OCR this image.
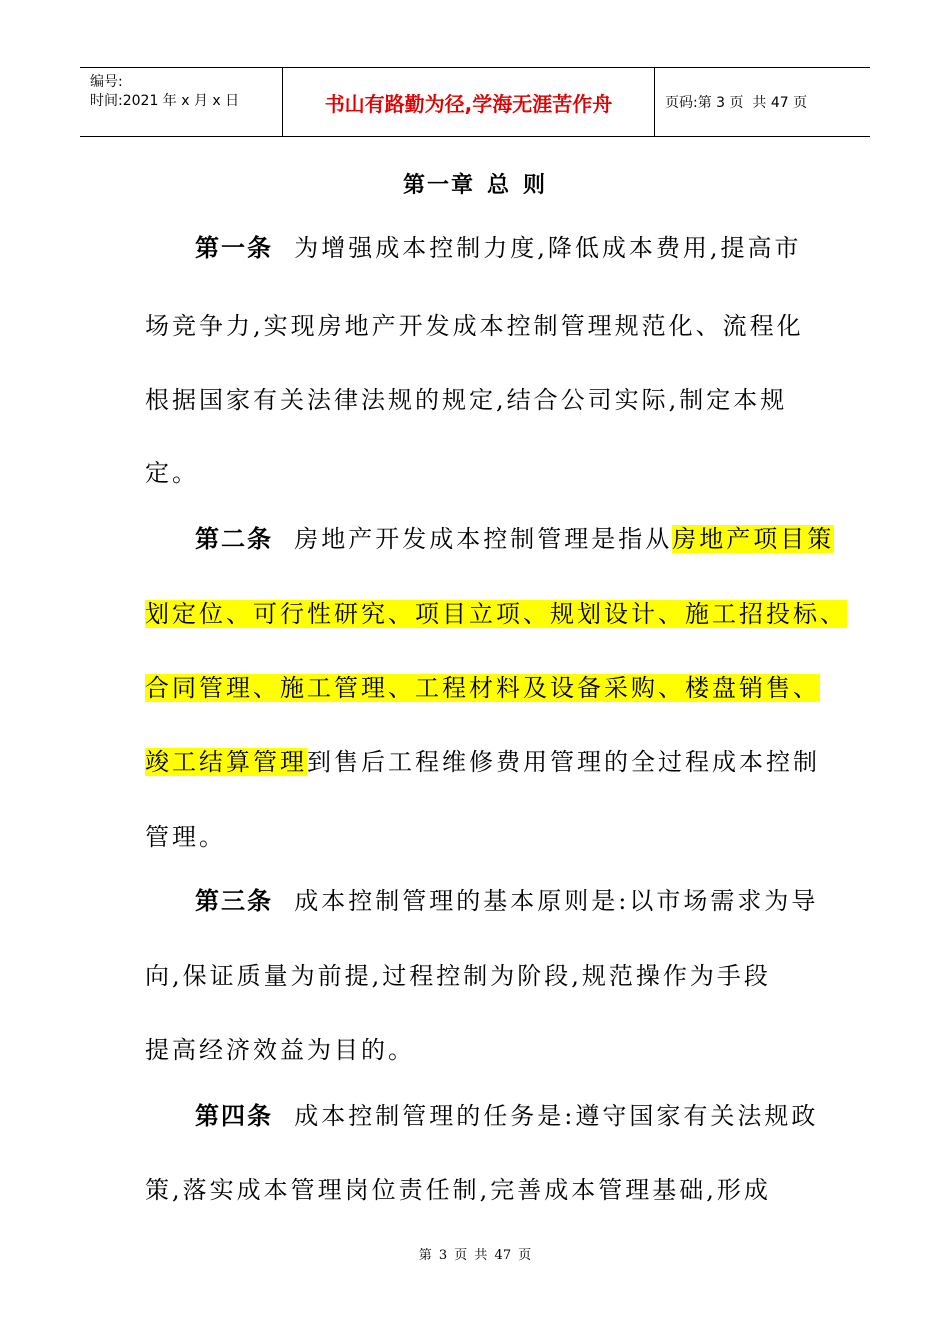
编号:
时间:2021 年 x 月 x 日	书山有路勤为径,学海无涯苦作舟	页码:第 3 页  共 47 页
第一章 总 则
第一条 为增强成本控制力度,降低成本费用,提高市
场竞争力,实现房地产开发成本控制管理规范化、流程化
根据国家有关法律法规的规定,结合公司实际,制定本规
定。
第二条 房地产开发成本控制管理是指从房地产项目策
划定位、可行性研究、项目立项、规划设计、施工招投标、
合同管理、施工管理、工程材料及设备采购、楼盘销售、
竣工结算管理到售后工程维修费用管理的全过程成本控制
管理。
第三条 成本控制管理的基本原则是:以市场需求为导
向,保证质量为前提,过程控制为阶段,规范操作为手段
提高经济效益为目的。
第四条 成本控制管理的任务是:遵守国家有关法规政
策,落实成本管理岗位责任制,完善成本管理基础,形成
第 3 页 共 47 页
